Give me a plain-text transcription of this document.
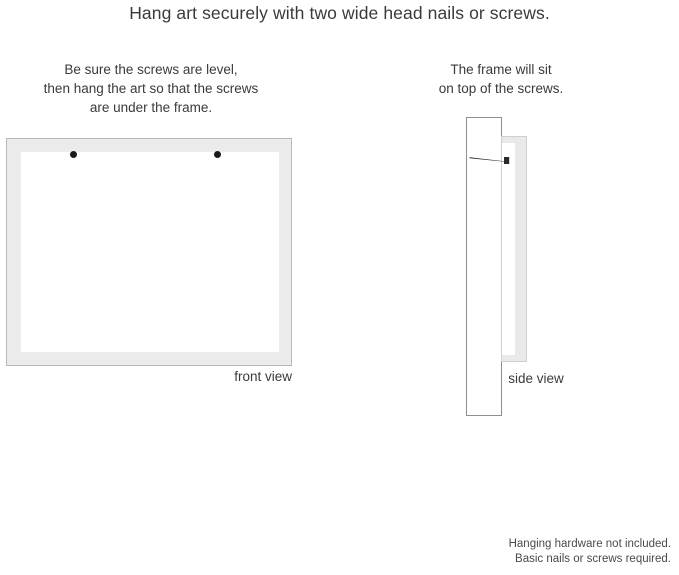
Hang art securely with two wide head nails or screws.
Be sure the screws are level,
then hang the art so that the screws
are under the frame.
front view
The frame will sit
on top of the screws.
side view
Hanging hardware not included.
Basic nails or screws required.
